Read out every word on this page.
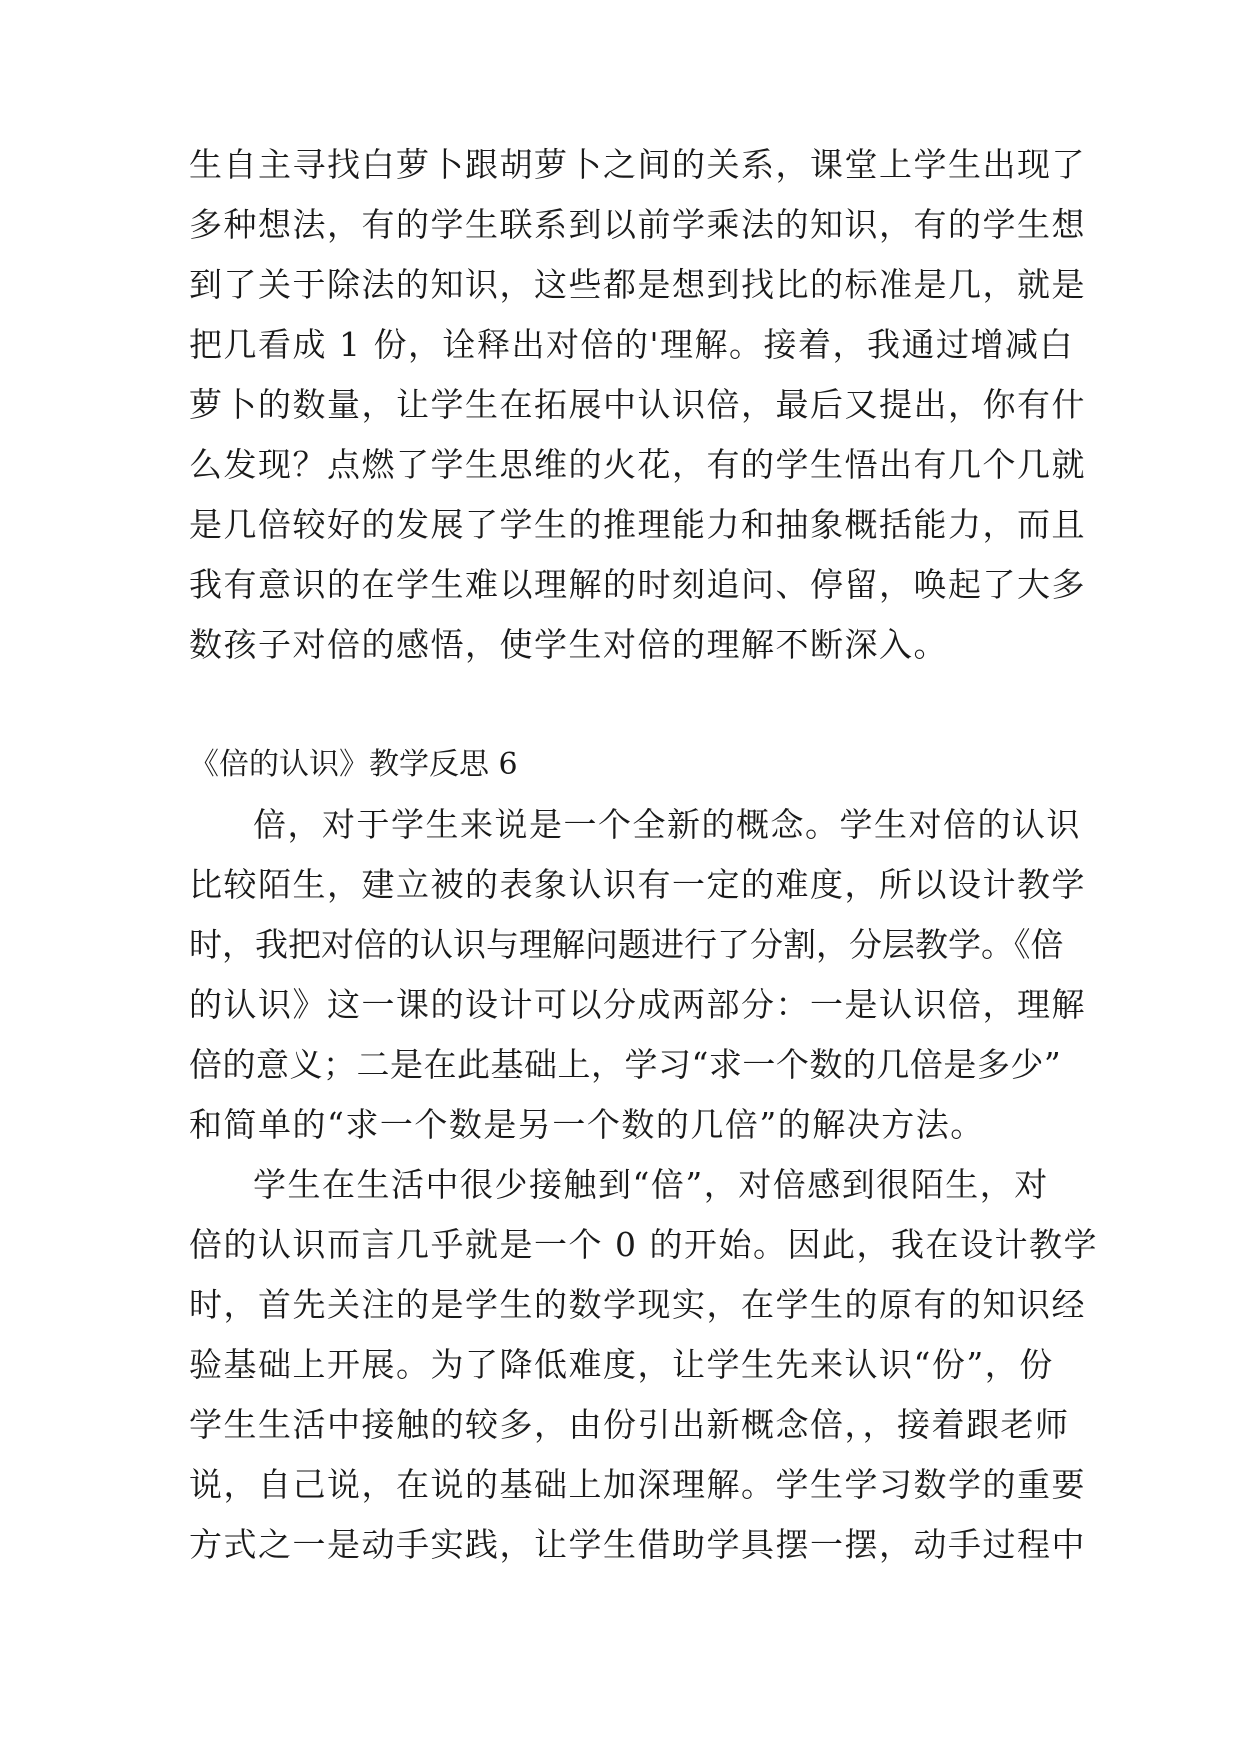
生自主寻找白萝卜跟胡萝卜之间的关系，课堂上学生出现了
多种想法，有的学生联系到以前学乘法的知识，有的学生想
到了关于除法的知识，这些都是想到找比的标准是几，就是
把几看成 1 份，诠释出对倍的'理解。接着，我通过增减白
萝卜的数量，让学生在拓展中认识倍，最后又提出，你有什
么发现？点燃了学生思维的火花，有的学生悟出有几个几就
是几倍较好的发展了学生的推理能力和抽象概括能力，而且
我有意识的在学生难以理解的时刻追问、停留，唤起了大多
数孩子对倍的感悟，使学生对倍的理解不断深入。
《倍的认识》教学反思 6
倍，对于学生来说是一个全新的概念。学生对倍的认识
比较陌生，建立被的表象认识有一定的难度，所以设计教学
时，我把对倍的认识与理解问题进行了分割，分层教学。《倍
的认识》这一课的设计可以分成两部分：一是认识倍，理解
倍的意义；二是在此基础上，学习“求一个数的几倍是多少”
和简单的“求一个数是另一个数的几倍”的解决方法。
学生在生活中很少接触到“倍”，对倍感到很陌生，对
倍的认识而言几乎就是一个 0 的开始。因此，我在设计教学
时，首先关注的是学生的数学现实，在学生的原有的知识经
验基础上开展。为了降低难度，让学生先来认识“份”，份
学生生活中接触的较多，由份引出新概念倍，，接着跟老师
说，自己说，在说的基础上加深理解。学生学习数学的重要
方式之一是动手实践，让学生借助学具摆一摆，动手过程中
